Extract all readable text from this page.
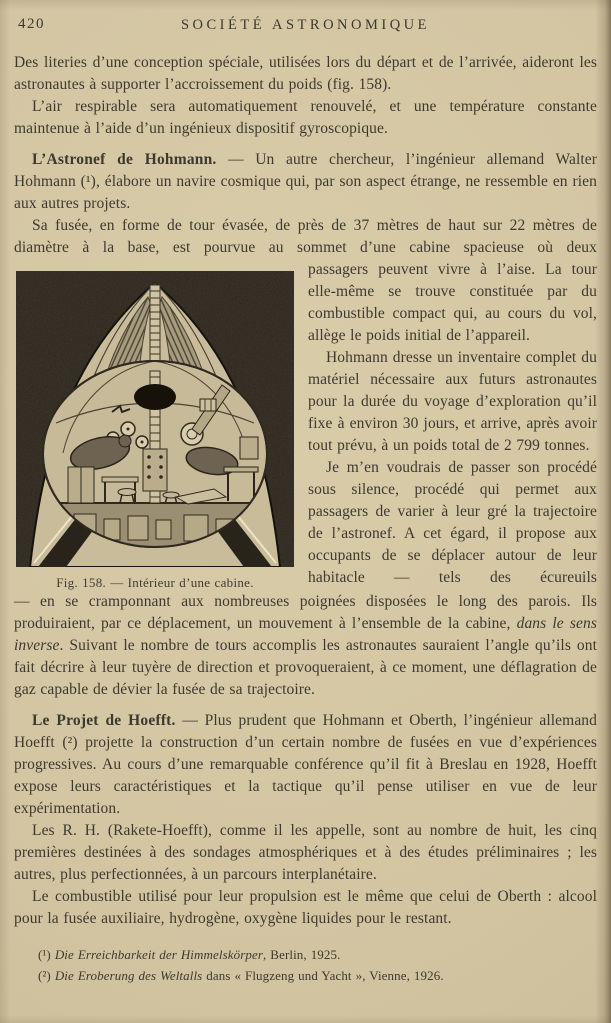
420	SOCIÉTÉ ASTRONOMIQUE

Des literies d’une conception spéciale, utilisées lors du départ et de l’arrivée, aideront les astronautes à supporter l’accroissement du poids (fig. 158).

L’air respirable sera automatiquement renouvelé, et une température constante maintenue à l’aide d’un ingénieux dispositif gyroscopique.

L’Astronef de Hohmann. — Un autre chercheur, l’ingénieur allemand Walter Hohmann (¹), élabore un navire cosmique qui, par son aspect étrange, ne ressemble en rien aux autres projets.

Sa fusée, en forme de tour évasée, de près de 37 mètres de haut sur 22 mètres de diamètre à la base, est pourvue au sommet d’une cabine spacieuse où deux

Fig. 158. — Intérieur d’une cabine.

passagers peuvent vivre à l’aise. La tour elle-même se trouve constituée par du combustible compact qui, au cours du vol, allège le poids initial de l’appareil.

Hohmann dresse un inventaire complet du matériel nécessaire aux futurs astronautes pour la durée du voyage d’exploration qu’il fixe à environ 30 jours, et arrive, après avoir tout prévu, à un poids total de 2 799 tonnes.

Je m’en voudrais de passer son procédé sous silence, procédé qui permet aux passagers de varier à leur gré la trajectoire de l’astronef. A cet égard, il propose aux occupants de se déplacer autour de leur habitacle — tels des écureuils

— en se cramponnant aux nombreuses poignées disposées le long des parois. Ils produiraient, par ce déplacement, un mouvement à l’ensemble de la cabine, dans le sens inverse. Suivant le nombre de tours accomplis les astronautes sauraient l’angle qu’ils ont fait décrire à leur tuyère de direction et provoqueraient, à ce moment, une déflagration de gaz capable de dévier la fusée de sa trajectoire.

Le Projet de Hoefft. — Plus prudent que Hohmann et Oberth, l’ingénieur allemand Hoefft (²) projette la construction d’un certain nombre de fusées en vue d’expériences progressives. Au cours d’une remarquable conférence qu’il fit à Breslau en 1928, Hoefft expose leurs caractéristiques et la tactique qu’il pense utiliser en vue de leur expérimentation.

Les R. H. (Rakete-Hoefft), comme il les appelle, sont au nombre de huit, les cinq premières destinées à des sondages atmosphériques et à des études préliminaires ; les autres, plus perfectionnées, à un parcours interplanétaire.

Le combustible utilisé pour leur propulsion est le même que celui de Oberth : alcool pour la fusée auxiliaire, hydrogène, oxygène liquides pour le restant.

(¹) Die Erreichbarkeit der Himmelskörper, Berlin, 1925.

(²) Die Eroberung des Weltalls dans « Flugzeng und Yacht », Vienne, 1926.
